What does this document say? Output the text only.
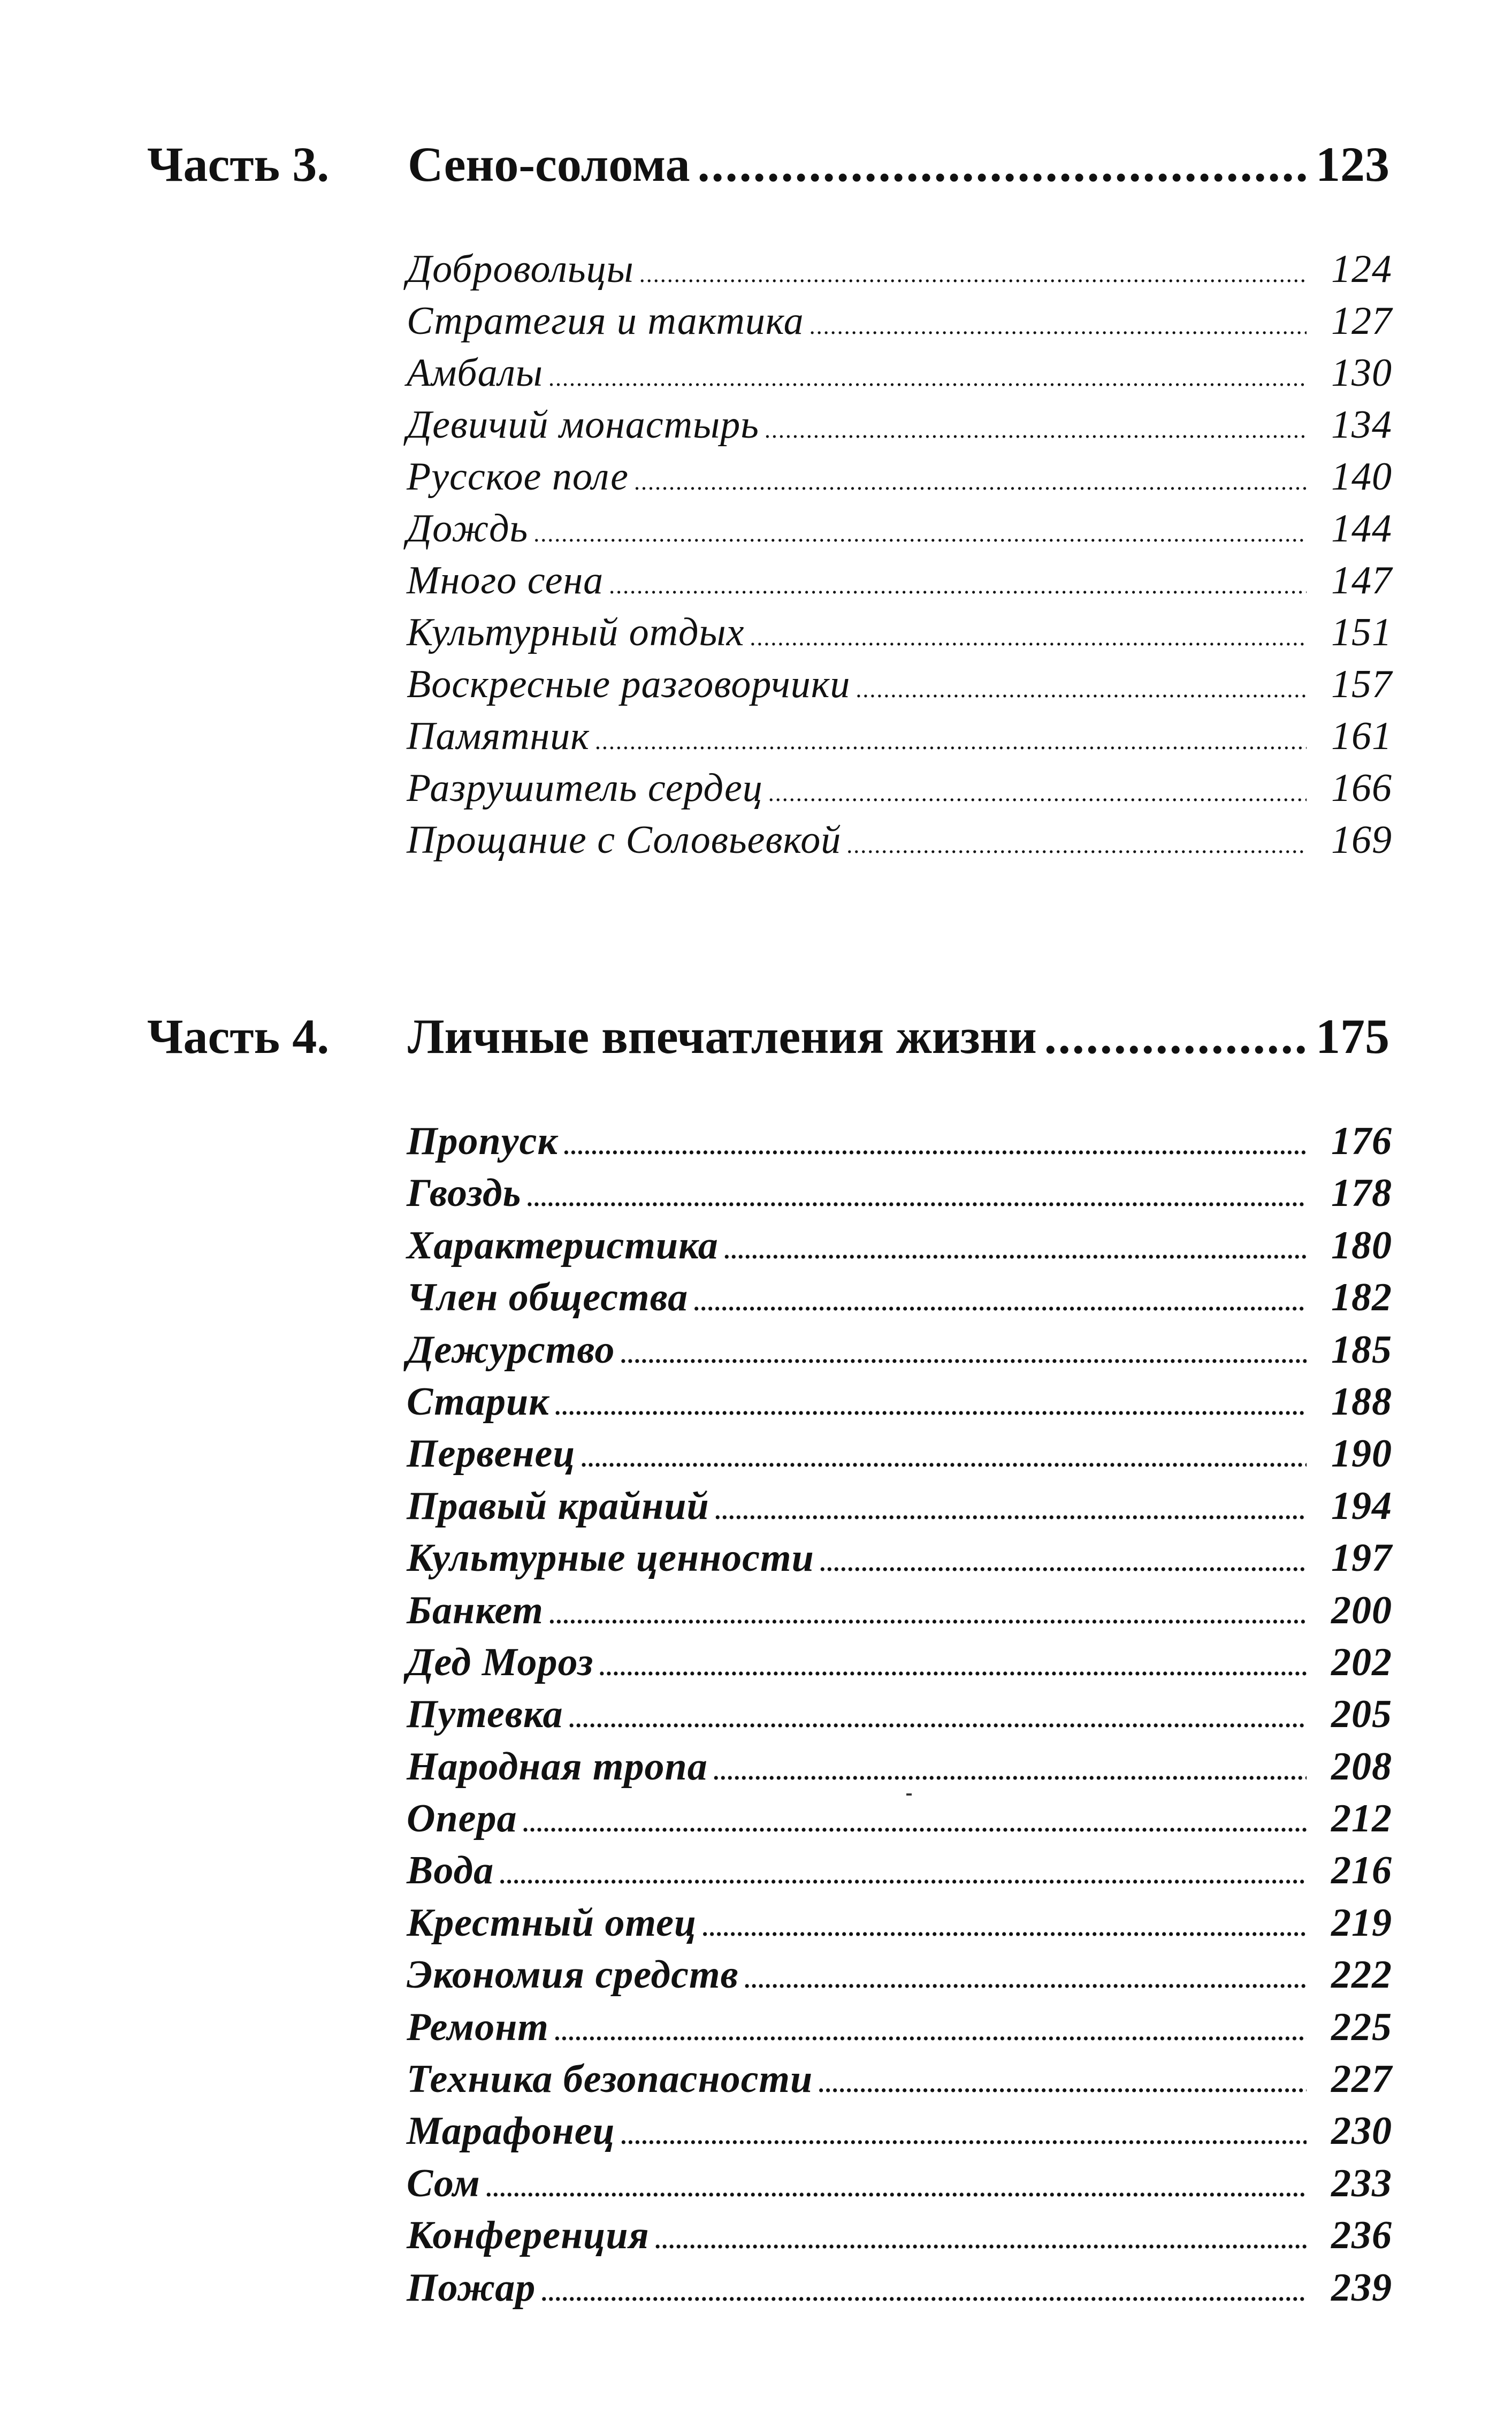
Часть 3. Сено-солома . . .	123
Добровольцы .....	124
Стратегия и тактика .....	127
Амбалы .....	130
Девичий монастырь .....	134
Русское поле .....	140
Дождь .....	144
Много сена .....	147
Культурный отдых .....	151
Воскресные разговорчики .....	157
Памятник .....	161
Разрушитель сердец .....	166
Прощание с Соловьевкой .....	169
Часть 4. Личные впечатления жизни . . .	175
Пропуск .....	176
Гвоздь .....	178
Характеристика .....	180
Член общества .....	182
Дежурство .....	185
Старик .....	188
Первенец .....	190
Правый крайний .....	194
Культурные ценности .....	197
Банкет .....	200
Дед Мороз .....	202
Путевка .....	205
Народная тропа .....	208
Опера .....	212
Вода .....	216
Крестный отец .....	219
Экономия средств .....	222
Ремонт .....	225
Техника безопасности .....	227
Марафонец .....	230
Сом .....	233
Конференция .....	236
Пожар .....	239
